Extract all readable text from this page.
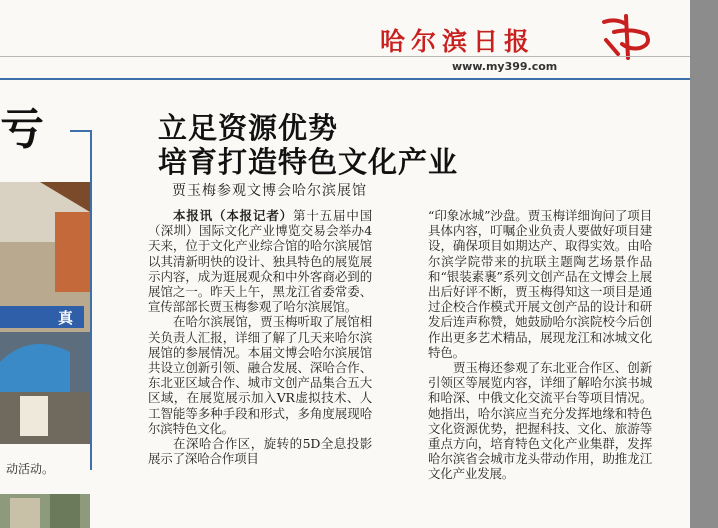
哈尔滨日报
www.my399.com
亏
真
动活动。
立足资源优势
培育打造特色文化产业
贾玉梅参观文博会哈尔滨展馆

本报讯（本报记者）第十五届中国（深圳）国际文化产业博览交易会举办4天来，位于文化产业综合馆的哈尔滨展馆以其清新明快的设计、独具特色的展览展示内容，成为逛展观众和中外客商必到的展馆之一。昨天上午，黑龙江省委常委、宣传部部长贾玉梅参观了哈尔滨展馆。

在哈尔滨展馆，贾玉梅听取了展馆相关负责人汇报，详细了解了几天来哈尔滨展馆的参展情况。本届文博会哈尔滨展馆共设立创新引领、融合发展、深哈合作、东北亚区域合作、城市文创产品集合五大区域，在展览展示加入VR虚拟技术、人工智能等多种手段和形式，多角度展现哈尔滨特色文化。

在深哈合作区，旋转的5D全息投影展示了深哈合作项目

“印象冰城”沙盘。贾玉梅详细询问了项目具体内容，叮嘱企业负责人要做好项目建设，确保项目如期达产、取得实效。由哈尔滨学院带来的抗联主题陶艺场景作品和“银装素裹”系列文创产品在文博会上展出后好评不断，贾玉梅得知这一项目是通过企校合作模式开展文创产品的设计和研发后连声称赞，她鼓励哈尔滨院校今后创作出更多艺术精品，展现龙江和冰城文化特色。

贾玉梅还参观了东北亚合作区、创新引领区等展览内容，详细了解哈尔滨书城和哈深、中俄文化交流平台等项目情况。她指出，哈尔滨应当充分发挥地缘和特色文化资源优势，把握科技、文化、旅游等重点方向，培育特色文化产业集群，发挥哈尔滨省会城市龙头带动作用，助推龙江文化产业发展。
